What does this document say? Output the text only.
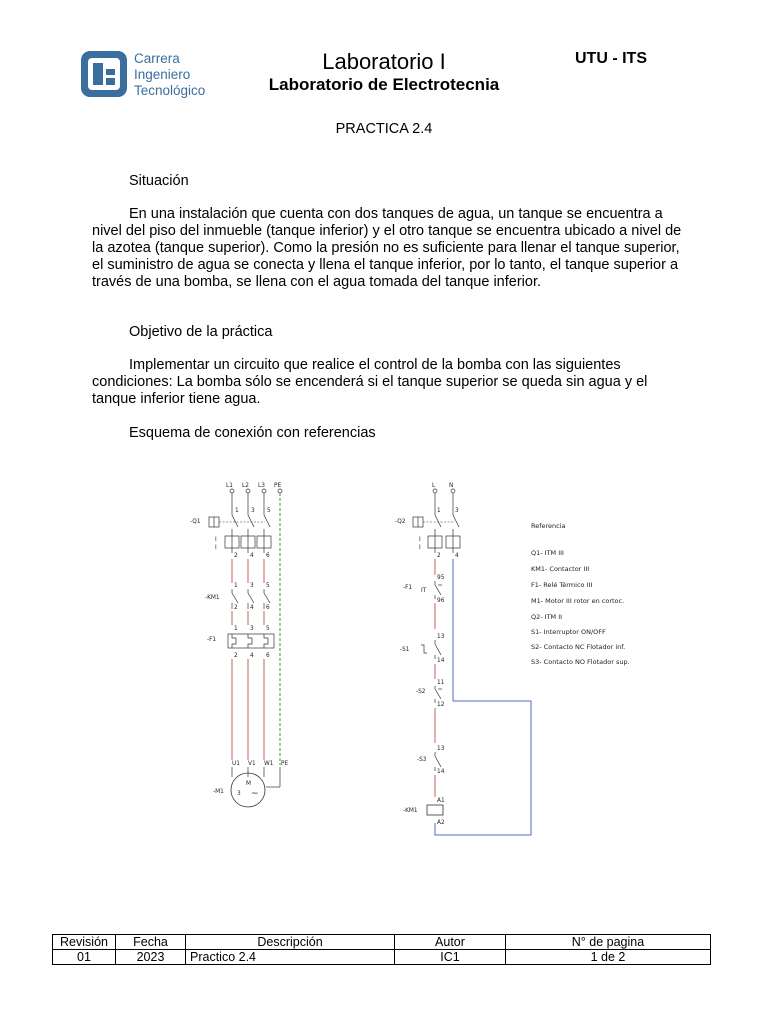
Carrera
Ingeniero
Tecnológico
Laboratorio I
Laboratorio de Electrotecnia
UTU - ITS
PRACTICA 2.4
Situación
En una instalación que cuenta con dos tanques de agua, un tanque se encuentra a nivel del piso del inmueble (tanque inferior) y el otro tanque se encuentra ubicado a nivel de la azotea (tanque superior). Como la presión no es suficiente para llenar el tanque superior, el suministro de agua se conecta y llena el tanque inferior, por lo tanto, el tanque superior a través de una bomba, se llena con el agua tomada del tanque inferior.
Objetivo de la práctica
Implementar un circuito que realice el control de la bomba con las siguientes condiciones: La bomba sólo se encenderá si el tanque superior se queda sin agua y el tanque inferior tiene agua.
Esquema de conexión con referencias
L1 L2 L3 PE
-Q1
1 3 5
I
I
2 4 6
-KM1
1 3 5
2 4 6
-F1
1 3 5
2 4 6
U1 V1 W1 PE
M
3 ~
-M1
L N
-Q2
1 3
I
I
2 4
-F1
95
IT
96
-S1
13
14
-S2
11
12
-S3
13
14
A1
-KM1
A2
Referencia
Q1- ITM III
KM1- Contactor III
F1- Relé Térmico III
M1- Motor III rotor en cortoc.
Q2- ITM II
S1- Interruptor ON/OFF
S2- Contacto NC Flotador inf.
S3- Contacto NO Flotador sup.
Revisión	Fecha	Descripción	Autor	N° de pagina
01	2023	Practico 2.4	IC1	1 de 2
